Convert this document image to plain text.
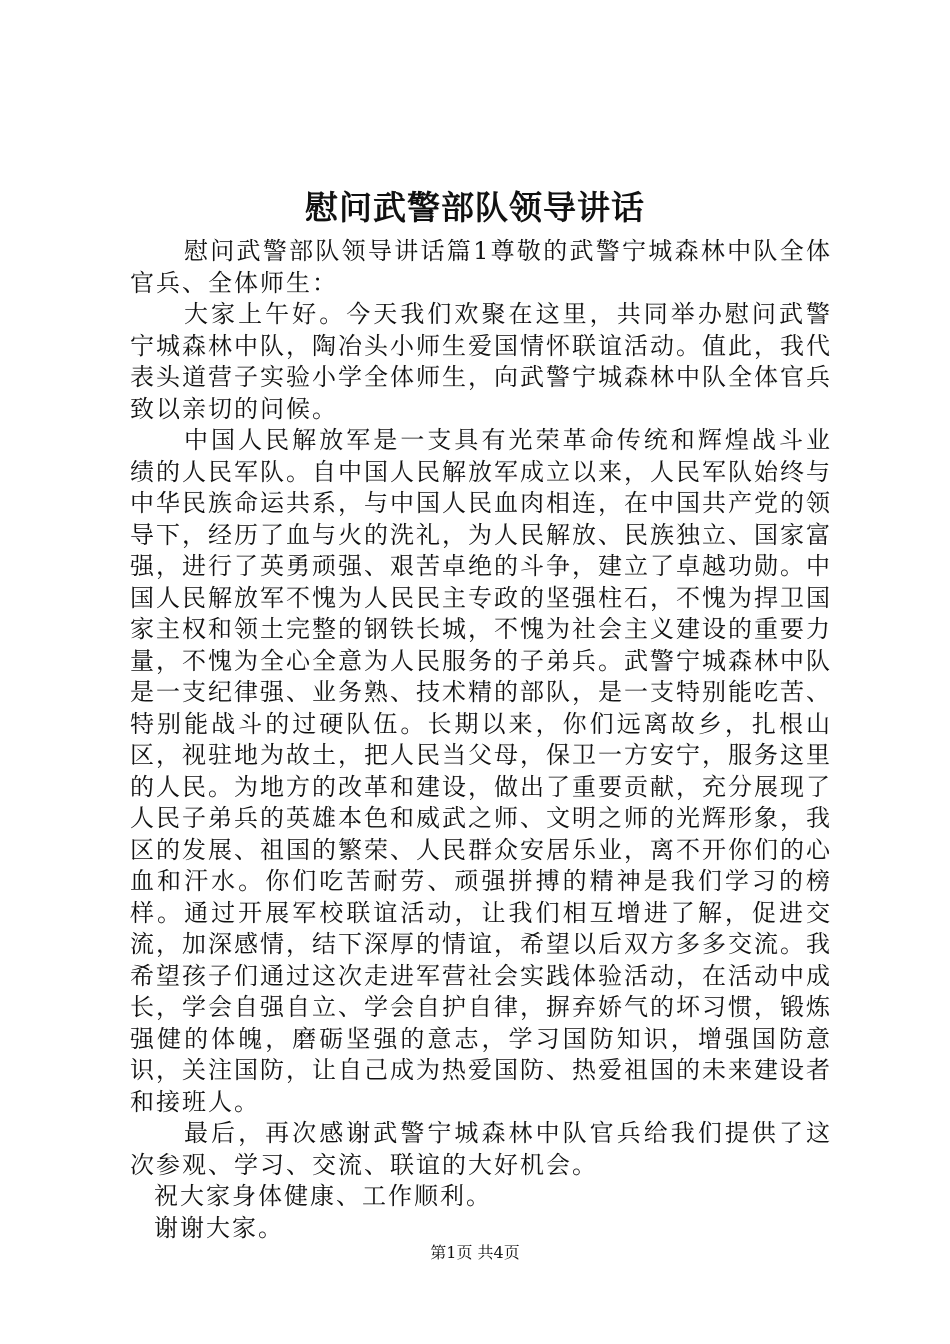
慰问武警部队领导讲话

慰问武警部队领导讲话篇1尊敬的武警宁城森林中队全体官兵、全体师生：

大家上午好。今天我们欢聚在这里，共同举办慰问武警宁城森林中队，陶冶头小师生爱国情怀联谊活动。值此，我代表头道营子实验小学全体师生，向武警宁城森林中队全体官兵致以亲切的问候。

中国人民解放军是一支具有光荣革命传统和辉煌战斗业绩的人民军队。自中国人民解放军成立以来，人民军队始终与中华民族命运共系，与中国人民血肉相连，在中国共产党的领导下，经历了血与火的洗礼，为人民解放、民族独立、国家富强，进行了英勇顽强、艰苦卓绝的斗争，建立了卓越功勋。中国人民解放军不愧为人民民主专政的坚强柱石，不愧为捍卫国家主权和领土完整的钢铁长城，不愧为社会主义建设的重要力量，不愧为全心全意为人民服务的子弟兵。武警宁城森林中队是一支纪律强、业务熟、技术精的部队，是一支特别能吃苦、特别能战斗的过硬队伍。长期以来，你们远离故乡，扎根山区，视驻地为故土，把人民当父母，保卫一方安宁，服务这里的人民。为地方的改革和建设，做出了重要贡献，充分展现了人民子弟兵的英雄本色和威武之师、文明之师的光辉形象，我区的发展、祖国的繁荣、人民群众安居乐业，离不开你们的心血和汗水。你们吃苦耐劳、顽强拼搏的精神是我们学习的榜样。通过开展军校联谊活动，让我们相互增进了解，促进交流，加深感情，结下深厚的情谊，希望以后双方多多交流。我希望孩子们通过这次走进军营社会实践体验活动，在活动中成长，学会自强自立、学会自护自律，摒弃娇气的坏习惯，锻炼强健的体魄，磨砺坚强的意志，学习国防知识，增强国防意识，关注国防，让自己成为热爱国防、热爱祖国的未来建设者和接班人。

最后，再次感谢武警宁城森林中队官兵给我们提供了这次参观、学习、交流、联谊的大好机会。

祝大家身体健康、工作顺利。

谢谢大家。

第1页 共4页
